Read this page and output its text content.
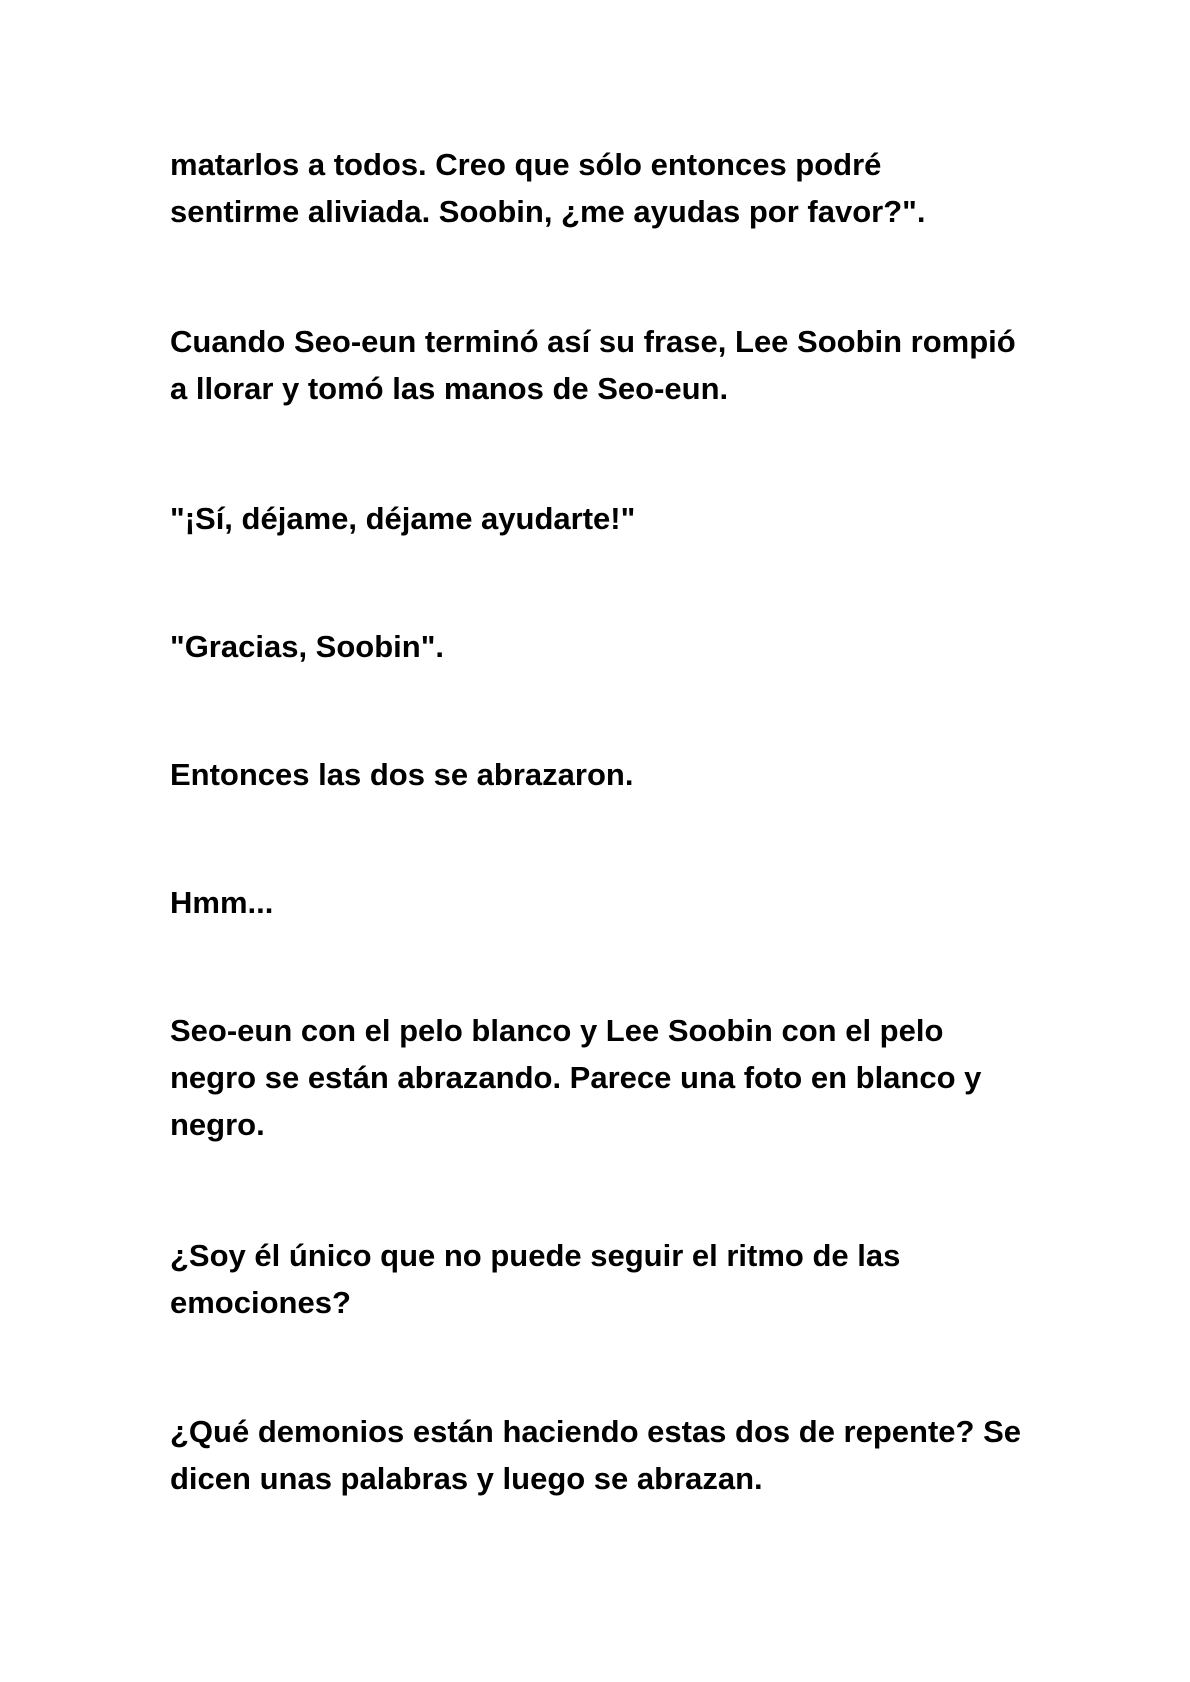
matarlos a todos. Creo que sólo entonces podré
sentirme aliviada. Soobin, ¿me ayudas por favor?".

Cuando Seo-eun terminó así su frase, Lee Soobin rompió
a llorar y tomó las manos de Seo-eun.

"¡Sí, déjame, déjame ayudarte!"

"Gracias, Soobin".

Entonces las dos se abrazaron.

Hmm...

Seo-eun con el pelo blanco y Lee Soobin con el pelo
negro se están abrazando. Parece una foto en blanco y
negro.

¿Soy él único que no puede seguir el ritmo de las
emociones?

¿Qué demonios están haciendo estas dos de repente? Se
dicen unas palabras y luego se abrazan.
